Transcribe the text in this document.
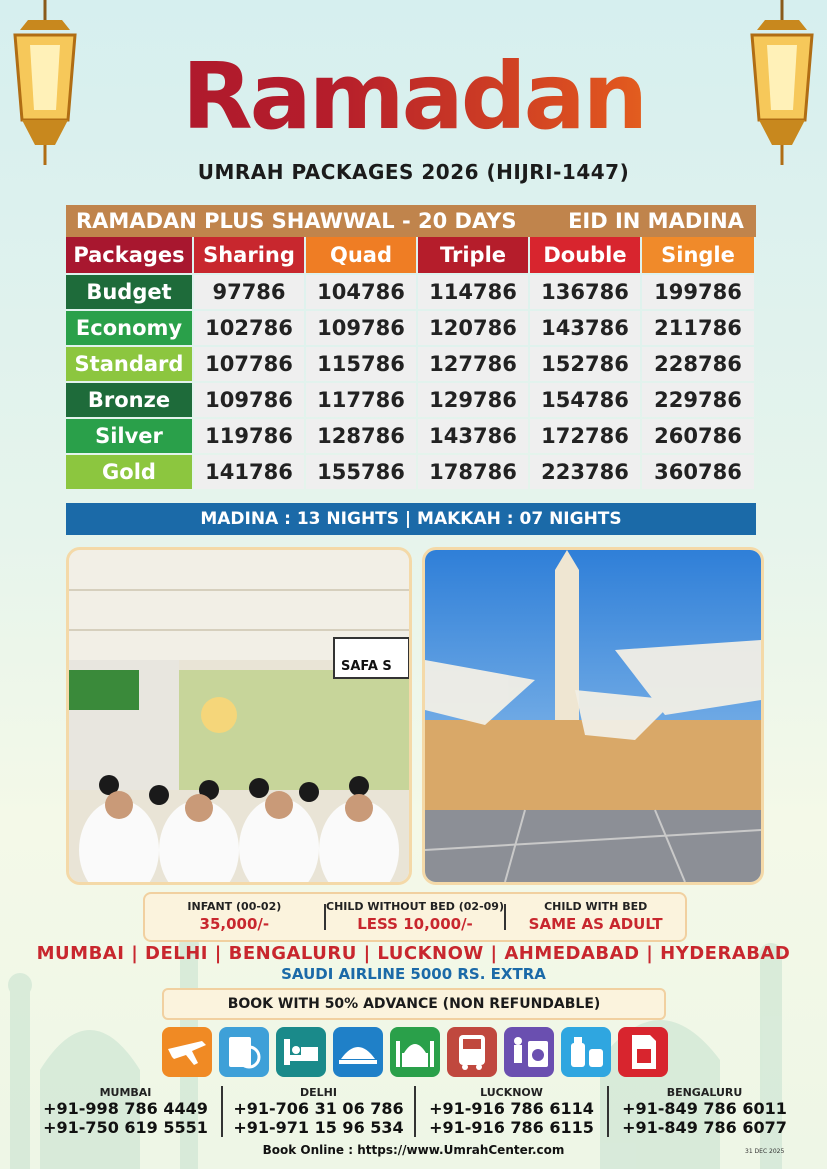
Ramadan
UMRAH PACKAGES 2026 (HIJRI-1447)
RAMADAN PLUS SHAWWAL - 20 DAYS	EID IN MADINA
Packages Sharing	Quad	Triple	Double	Single
Budget	97786	104786	114786	136786	199786
Economy	102786	109786	120786	143786	211786
Standard	107786	115786	127786	152786	228786
Bronze	109786	117786	129786	154786	229786
Silver	119786	128786	143786	172786	260786
Gold	141786	155786	178786	223786	360786
MADINA : 13 NIGHTS | MAKKAH : 07 NIGHTS
SAFA S
INFANT (00-02)
35,000/-
CHILD WITHOUT BED (02-09)
LESS 10,000/-
CHILD WITH BED
SAME AS ADULT
MUMBAI | DELHI | BENGALURU | LUCKNOW | AHMEDABAD | HYDERABAD
SAUDI AIRLINE 5000 RS. EXTRA
BOOK WITH 50% ADVANCE (NON REFUNDABLE)
MUMBAI
+91-998 786 4449
+91-750 619 5551
DELHI
+91-706 31 06 786
+91-971 15 96 534
LUCKNOW
+91-916 786 6114
+91-916 786 6115
BENGALURU
+91-849 786 6011
+91-849 786 6077
Book Online : https://www.UmrahCenter.com	31 DEC 2025
